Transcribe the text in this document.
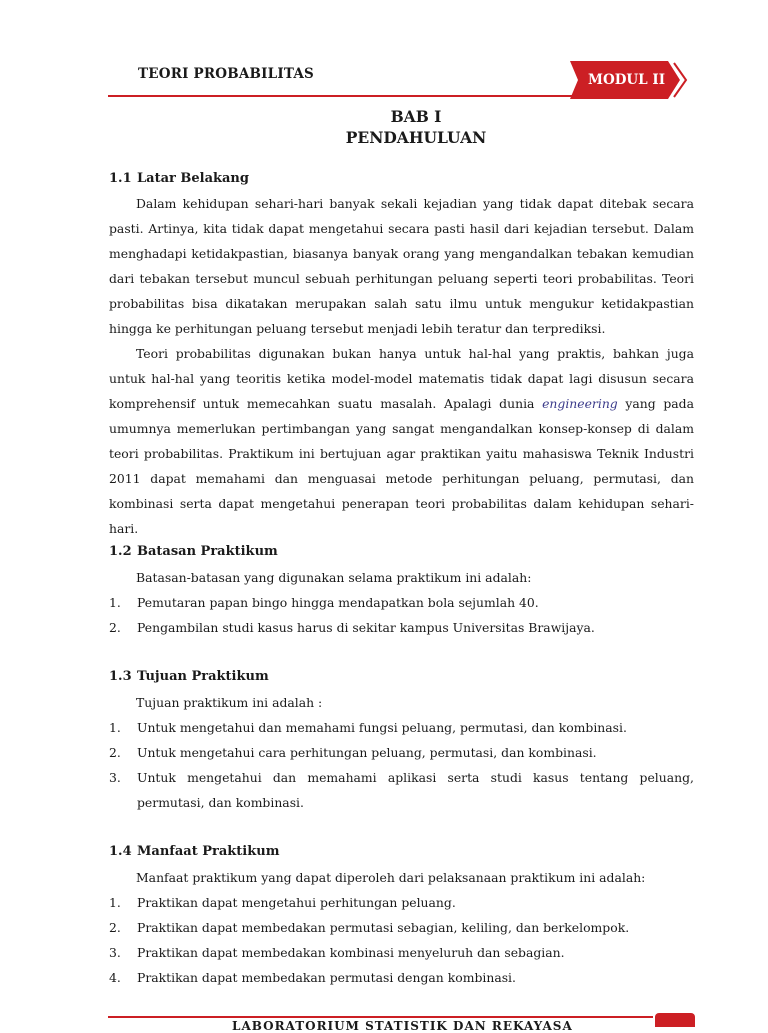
TEORI PROBABILITAS	MODUL II
BAB I
PENDAHULUAN
1.1 Latar Belakang
Dalam kehidupan sehari-hari banyak sekali kejadian yang tidak dapat ditebak secara pasti. Artinya, kita tidak dapat mengetahui secara pasti hasil dari kejadian tersebut. Dalam menghadapi ketidakpastian, biasanya banyak orang yang mengandalkan tebakan kemudian dari tebakan tersebut muncul sebuah perhitungan peluang seperti teori probabilitas. Teori probabilitas bisa dikatakan merupakan salah satu ilmu untuk mengukur ketidakpastian hingga ke perhitungan peluang tersebut menjadi lebih teratur dan terprediksi.
Teori probabilitas digunakan bukan hanya untuk hal-hal yang praktis, bahkan juga untuk hal-hal yang teoritis ketika model-model matematis tidak dapat lagi disusun secara komprehensif untuk memecahkan suatu masalah. Apalagi dunia engineering yang pada umumnya memerlukan pertimbangan yang sangat mengandalkan konsep-konsep di dalam teori probabilitas. Praktikum ini bertujuan agar praktikan yaitu mahasiswa Teknik Industri 2011 dapat memahami dan menguasai metode perhitungan peluang, permutasi, dan kombinasi serta dapat mengetahui penerapan teori probabilitas dalam kehidupan sehari-hari.
1.2 Batasan Praktikum
Batasan-batasan yang digunakan selama praktikum ini adalah:
1.	Pemutaran papan bingo hingga mendapatkan bola sejumlah 40.
2.	Pengambilan studi kasus harus di sekitar kampus Universitas Brawijaya.
1.3 Tujuan Praktikum
Tujuan praktikum ini adalah :
1.	Untuk mengetahui dan memahami fungsi peluang, permutasi, dan kombinasi.
2.	Untuk mengetahui cara perhitungan peluang, permutasi, dan kombinasi.
3.	Untuk mengetahui dan memahami aplikasi serta studi kasus tentang peluang, permutasi, dan kombinasi.
1.4 Manfaat Praktikum
Manfaat praktikum yang dapat diperoleh dari pelaksanaan praktikum ini adalah:
1.	Praktikan dapat mengetahui perhitungan peluang.
2.	Praktikan dapat membedakan permutasi sebagian, keliling, dan berkelompok.
3.	Praktikan dapat membedakan kombinasi menyeluruh dan sebagian.
4.	Praktikan dapat membedakan permutasi dengan kombinasi.
LABORATORIUM STATISTIK DAN REKAYASA
